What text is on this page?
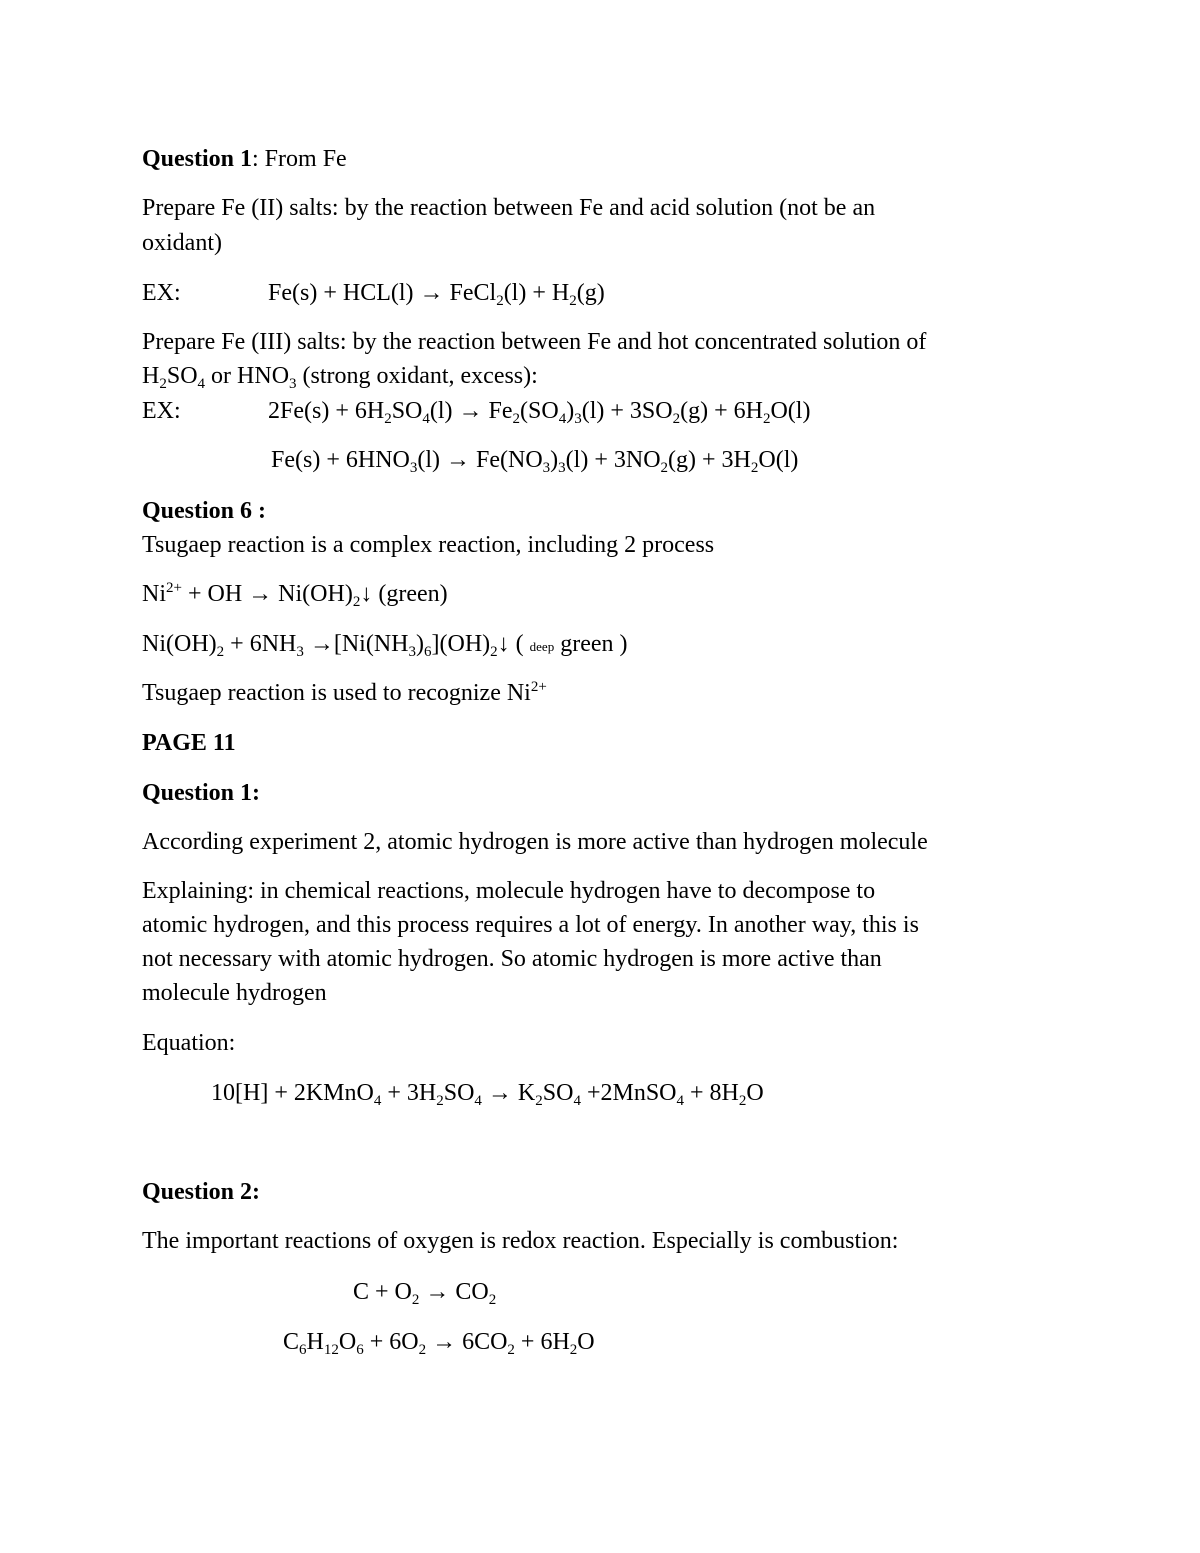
Question 1: From Fe
Prepare Fe (II) salts: by the reaction between Fe and acid solution (not be an
oxidant)
EX:	Fe(s) + HCL(l) → FeCl$_2$(l) + $H_2(g)$
Prepare Fe (III) salts: by the reaction between Fe and hot concentrated solution of
$H_2SO_4$ or $HNO_3$ (strong oxidant, excess):
EX:	$2Fe(s) + 6H_2SO_4(l) \to Fe_2(SO_4)_3(l) + 3SO_2(g) + 6H_2O(l)$
$Fe(s) + 6HNO_3(l) \to Fe(NO_3)_3(l) + 3NO_2(g) + 3H_2O(l)$
Question 6 :
Tsugaep reaction is a complex reaction, including 2 process
$Ni^{2+}$ + OH → $Ni(OH)_2↓$ (green)
$Ni(OH)_2 + 6NH_3$ $\to[Ni(NH_3)_6](OH)_2↓$ ( deep green )
Tsugaep reaction is used to recognize $Ni^{2+}$
PAGE 11
Question 1:
According experiment 2, atomic hydrogen is more active than hydrogen molecule
Explaining: in chemical reactions, molecule hydrogen have to decompose to
atomic hydrogen, and this process requires a lot of energy. In another way, this is
not necessary with atomic hydrogen. So atomic hydrogen is more active than
molecule hydrogen
Equation:
10[H] + 2KMnO$_4$ + $3H_2SO_4 \to K_2SO_4$ +2MnSO$_4$ + $8H_2O$
Question 2:
The important reactions of oxygen is redox reaction. Especially is combustion:
$C + O_2 \to CO_2$
$C_6H_{12}O_6 + 6O_2 \to 6CO_2 + 6H_2O$
